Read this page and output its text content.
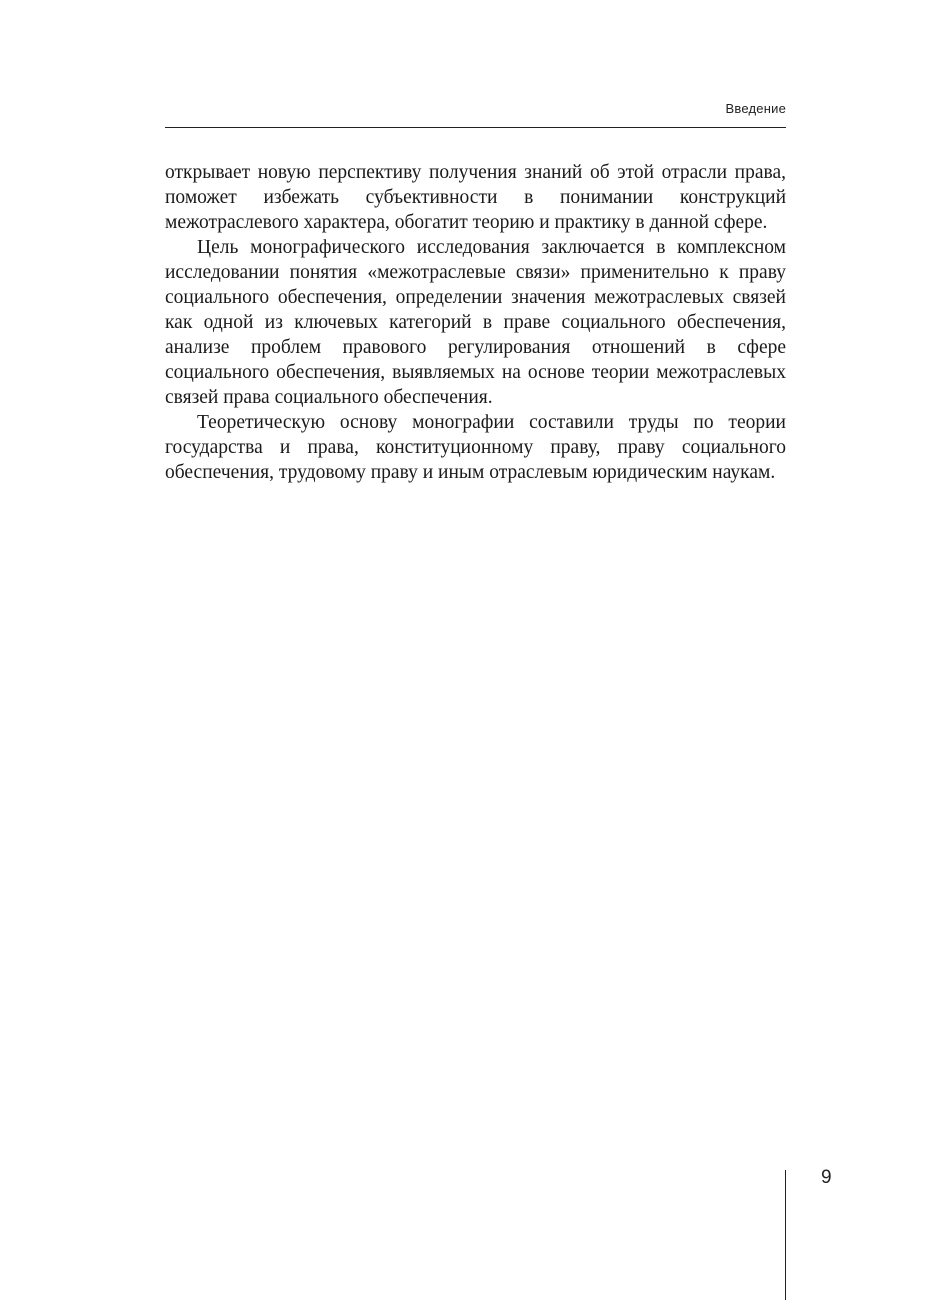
Введение

открывает новую перспективу получения знаний об этой отрасли права, поможет избежать субъективности в понимании конструкций межотраслевого характера, обогатит теорию и практику в данной сфере.

Цель монографического исследования заключается в комплексном исследовании понятия «межотраслевые связи» применительно к праву социального обеспечения, определении значения межотраслевых связей как одной из ключевых категорий в праве социального обеспечения, анализе проблем правового регулирования отношений в сфере социального обеспечения, выявляемых на основе теории межотраслевых связей права социального обеспечения.

Теоретическую основу монографии составили труды по теории государства и права, конституционному праву, праву социального обеспечения, трудовому праву и иным отраслевым юридическим наукам.

9
